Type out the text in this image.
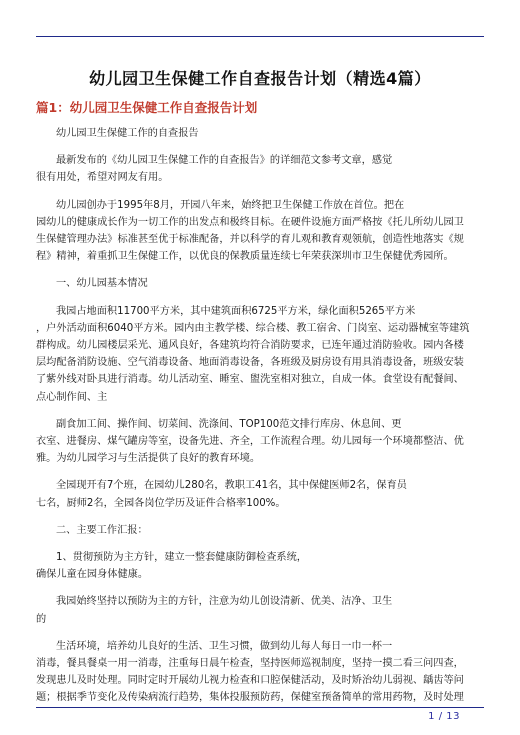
幼儿园卫生保健工作自查报告计划（精选4篇）
篇1：幼儿园卫生保健工作自查报告计划

幼儿园卫生保健工作的自查报告

最新发布的《幼儿园卫生保健工作的自查报告》的详细范文参考文章，感觉
很有用处，希望对网友有用。

幼儿园创办于1995年8月，开园八年来，始终把卫生保健工作放在首位。把在
园幼儿的健康成长作为一切工作的出发点和极终目标。在硬件设施方面严格按《托儿所幼儿园卫
生保健管理办法》标准甚至优于标准配备，并以科学的育儿观和教育观领航，创造性地落实《规
程》精神，着重抓卫生保健工作，以优良的保教质量连续七年荣获深圳市卫生保健优秀园所。

一、幼儿园基本情况

我园占地面积11700平方米，其中建筑面积6725平方米，绿化面积5265平方米
，户外活动面积6040平方米。园内由主教学楼、综合楼、教工宿舍、门岗室、运动器械室等建筑
群构成。幼儿园楼层采光、通风良好，各建筑均符合消防要求，已连年通过消防验收。园内各楼
层均配备消防设施、空气消毒设备、地面消毒设备，各班级及厨房设有用具消毒设备，班级安装
了紫外线对卧具进行消毒。幼儿活动室、睡室、盥洗室相对独立，自成一体。食堂设有配餐间、
点心制作间、主

副食加工间、操作间、切菜间、洗涤间、TOP100范文排行库房、休息间、更
衣室、进餐房、煤气罐房等室，设备先进、齐全，工作流程合理。幼儿园每一个环境都整洁、优
雅。为幼儿园学习与生活提供了良好的教育环境。

全园现开有7个班，在园幼儿280名，教职工41名，其中保健医师2名，保育员
七名，厨师2名，全园各岗位学历及证件合格率100%。

二、主要工作汇报：

1、贯彻预防为主方针，建立一整套健康防御检查系统，
确保儿童在园身体健康。

我园始终坚持以预防为主的方针，注意为幼儿创设清新、优美、洁净、卫生
的

生活环境，培养幼儿良好的生活、卫生习惯，做到幼儿每人每日一巾一杯一
消毒，餐具餐桌一用一消毒，注重每日晨午检查，坚持医师巡视制度，坚持一摸二看三问四查，
发现患儿及时处理。同时定时开展幼儿视力检查和口腔保健活动，及时矫治幼儿弱视、龋齿等问
题；根据季节变化及传染病流行趋势，集体投服预防药，保健室预备简单的常用药物，及时处理

1 / 13
